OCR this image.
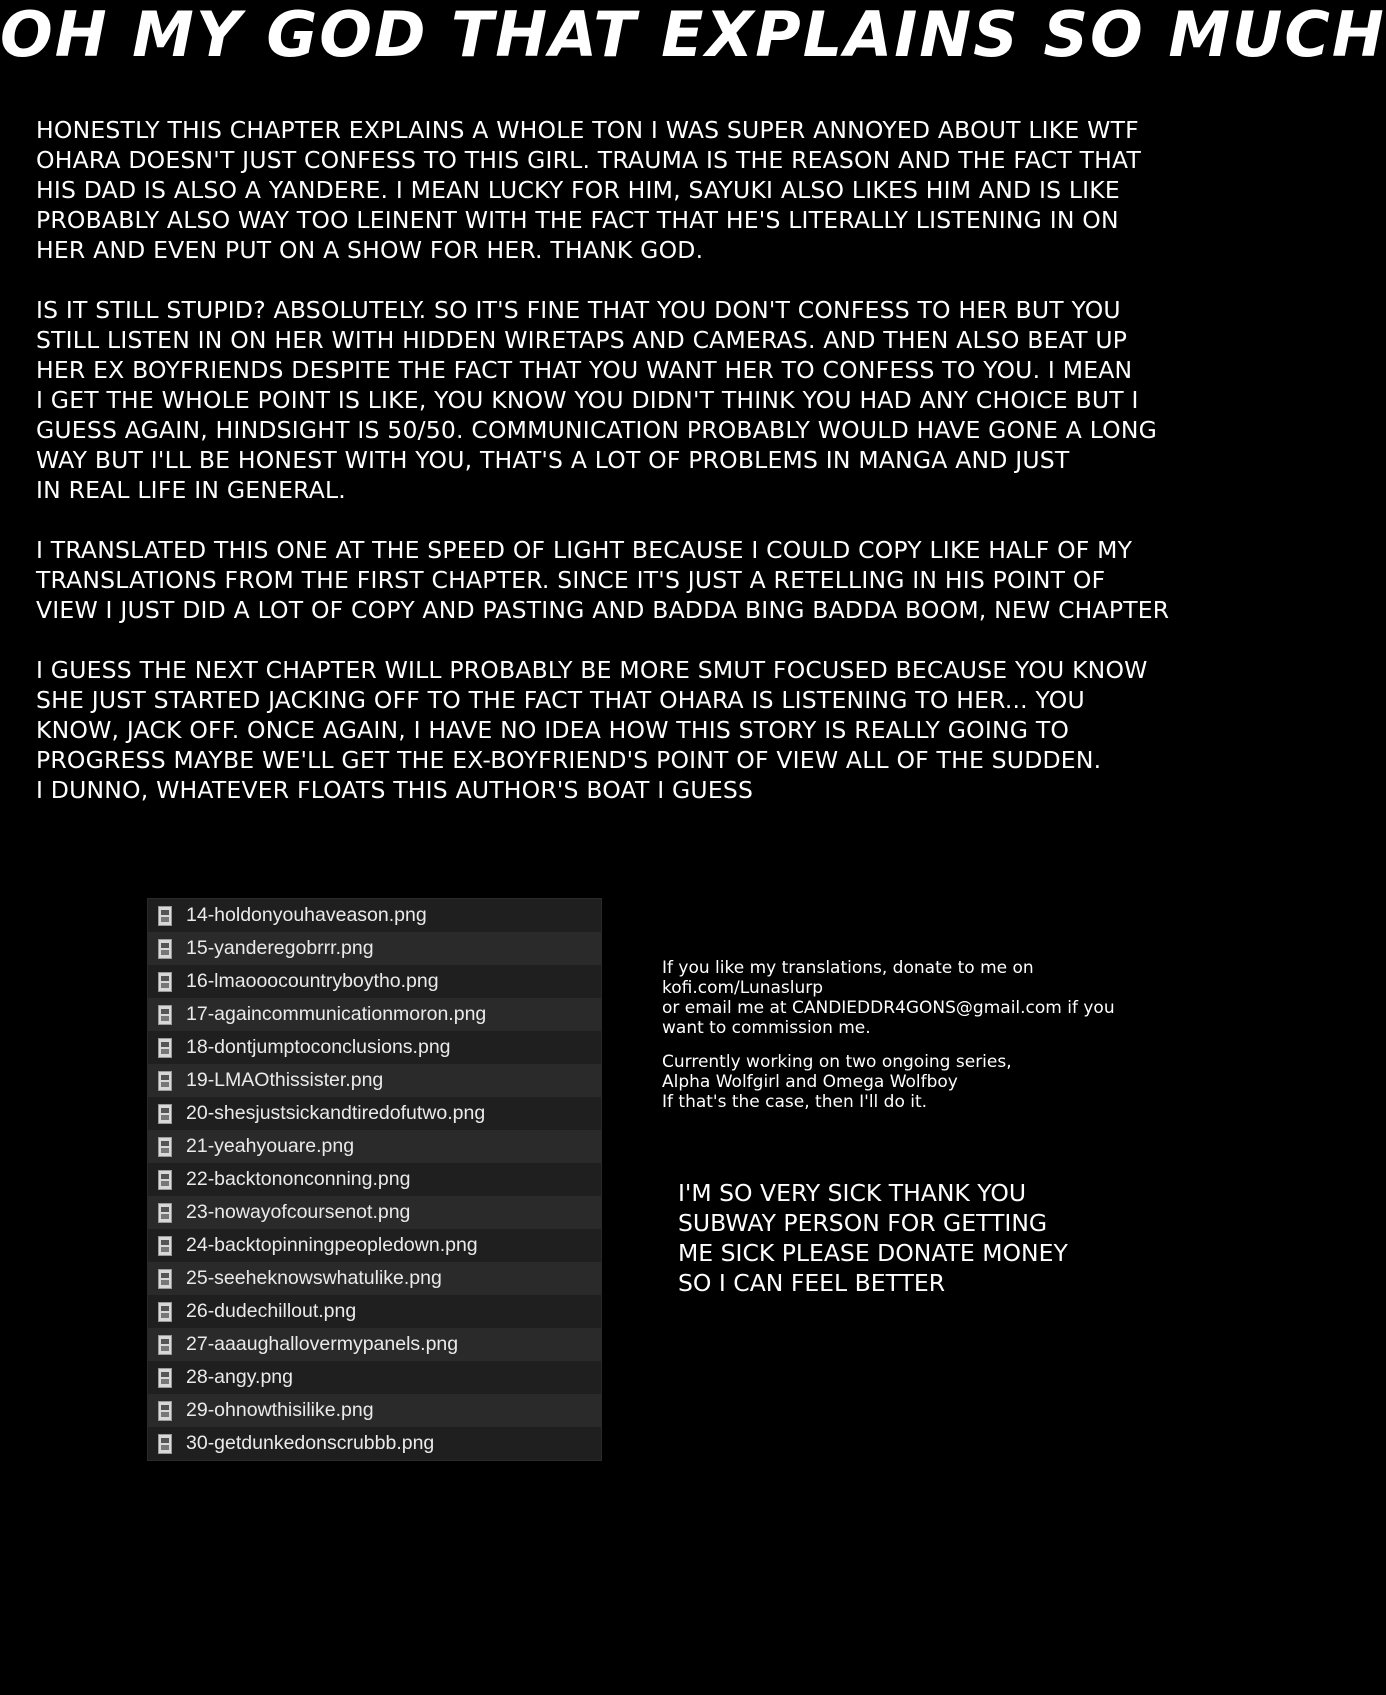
OH MY GOD THAT EXPLAINS SO MUCH

HONESTLY THIS CHAPTER EXPLAINS A WHOLE TON I WAS SUPER ANNOYED ABOUT LIKE WTF
OHARA DOESN'T JUST CONFESS TO THIS GIRL. TRAUMA IS THE REASON AND THE FACT THAT
HIS DAD IS ALSO A YANDERE. I MEAN LUCKY FOR HIM, SAYUKI ALSO LIKES HIM AND IS LIKE
PROBABLY ALSO WAY TOO LEINENT WITH THE FACT THAT HE'S LITERALLY LISTENING IN ON
HER AND EVEN PUT ON A SHOW FOR HER. THANK GOD.

IS IT STILL STUPID? ABSOLUTELY. SO IT'S FINE THAT YOU DON'T CONFESS TO HER BUT YOU
STILL LISTEN IN ON HER WITH HIDDEN WIRETAPS AND CAMERAS. AND THEN ALSO BEAT UP
HER EX BOYFRIENDS DESPITE THE FACT THAT YOU WANT HER TO CONFESS TO YOU. I MEAN
I GET THE WHOLE POINT IS LIKE, YOU KNOW YOU DIDN'T THINK YOU HAD ANY CHOICE BUT I
GUESS AGAIN, HINDSIGHT IS 50/50. COMMUNICATION PROBABLY WOULD HAVE GONE A LONG
WAY BUT I'LL BE HONEST WITH YOU, THAT'S A LOT OF PROBLEMS IN MANGA AND JUST
IN REAL LIFE IN GENERAL.

I TRANSLATED THIS ONE AT THE SPEED OF LIGHT BECAUSE I COULD COPY LIKE HALF OF MY
TRANSLATIONS FROM THE FIRST CHAPTER. SINCE IT'S JUST A RETELLING IN HIS POINT OF
VIEW I JUST DID A LOT OF COPY AND PASTING AND BADDA BING BADDA BOOM, NEW CHAPTER

I GUESS THE NEXT CHAPTER WILL PROBABLY BE MORE SMUT FOCUSED BECAUSE YOU KNOW
SHE JUST STARTED JACKING OFF TO THE FACT THAT OHARA IS LISTENING TO HER... YOU
KNOW, JACK OFF. ONCE AGAIN, I HAVE NO IDEA HOW THIS STORY IS REALLY GOING TO
PROGRESS MAYBE WE'LL GET THE EX-BOYFRIEND'S POINT OF VIEW ALL OF THE SUDDEN.
I DUNNO, WHATEVER FLOATS THIS AUTHOR'S BOAT I GUESS

14-holdonyouhaveason.png
15-yanderegobrrr.png
16-lmaooocountryboytho.png
17-againcommunicationmoron.png
18-dontjumptoconclusions.png
19-LMAOthissister.png
20-shesjustsickandtiredofutwo.png
21-yeahyouare.png
22-backtononconning.png
23-nowayofcoursenot.png
24-backtopinningpeopledown.png
25-seeheknowswhatulike.png
26-dudechillout.png
27-aaaughallovermypanels.png
28-angy.png
29-ohnowthisilike.png
30-getdunkedonscrubbb.png

If you like my translations, donate to me on
kofi.com/Lunaslurp
or email me at CANDIEDDR4GONS@gmail.com if you
want to commission me.

Currently working on two ongoing series,
Alpha Wolfgirl and Omega Wolfboy
If that's the case, then I'll do it.

I'M SO VERY SICK THANK YOU
SUBWAY PERSON FOR GETTING
ME SICK PLEASE DONATE MONEY
SO I CAN FEEL BETTER
